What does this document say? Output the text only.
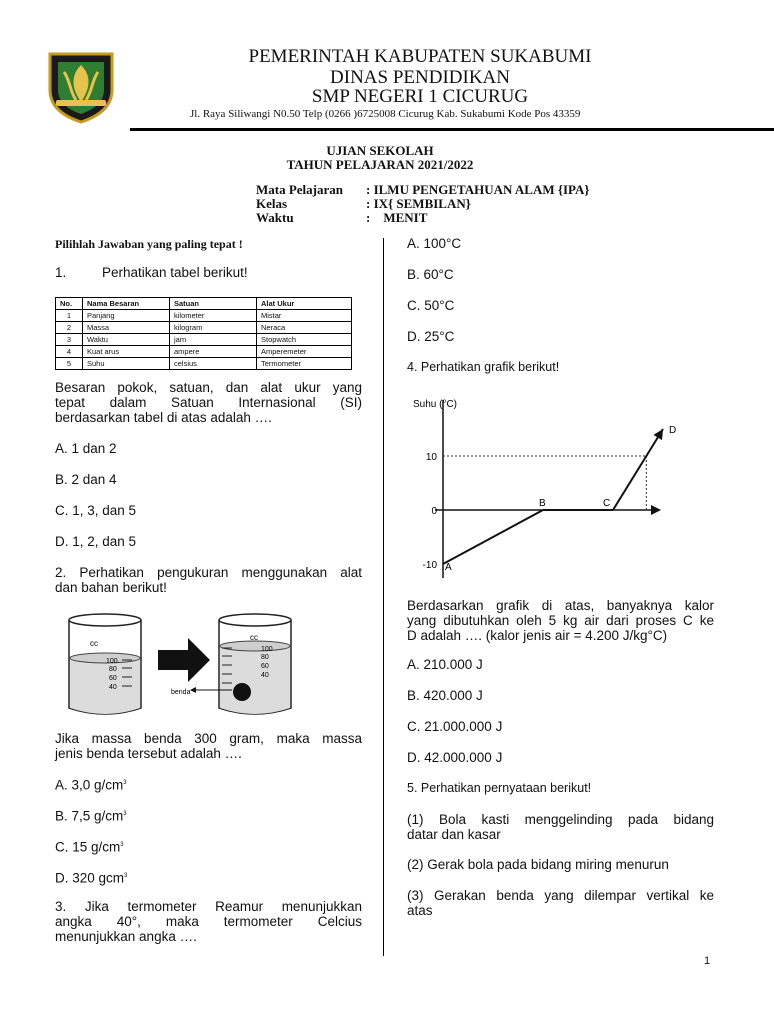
PEMERINTAH KABUPATEN SUKABUMI
DINAS PENDIDIKAN
SMP NEGERI 1 CICURUG
Jl. Raya Siliwangi N0.50 Telp (0266 )6725008 Cicurug Kab. Sukabumi Kode Pos 43359
UJIAN SEKOLAH
TAHUN PELAJARAN 2021/2022
Mata Pelajaran : ILMU PENGETAHUAN ALAM {IPA}
Kelas	: IX{ SEMBILAN}
Waktu	:    MENIT
Pilihlah Jawaban yang paling tepat !
1.	Perhatikan tabel berikut!
No.	Nama Besaran	Satuan	Alat Ukur
1	Panjang	kilometer	Mistar
2	Massa	kilogram	Neraca
3	Waktu	jam	Stopwatch
4	Kuat arus	ampere	Amperemeter
5	Suhu	celsius	Termometer
Besaran pokok, satuan, dan alat ukur yang
tepat dalam Satuan Internasional (SI)
berdasarkan tabel di atas adalah ….
A. 1 dan 2
B. 2 dan 4
C. 1, 3, dan 5
D. 1, 2, dan 5
2. Perhatikan pengukuran menggunakan alat
dan bahan berikut!
cc
100
80
60
40
cc
100
80
60
40
benda
Jika massa benda 300 gram, maka massa
jenis benda tersebut adalah ….
A. 3,0 $g/cm^3$
B. 7,5 $g/cm^3$
C. 15 $g/cm^3$
D. 320 gcm$^3$
3. Jika termometer Reamur menunjukkan
angka 40°, maka termometer Celcius
menunjukkan angka ….
A. 100°C
B. 60°C
C. 50°C
D. 25°C
4. Perhatikan grafik berikut!
Suhu (°C)
10
0
-10 A
B	C
D
Berdasarkan grafik di atas, banyaknya kalor
yang dibutuhkan oleh 5 kg air dari proses C ke
D adalah …. (kalor jenis air = 4.200 J/kg°C)
A. 210.000 J
B. 420.000 J
C. 21.000.000 J
D. 42.000.000 J
5. Perhatikan pernyataan berikut!
(1) Bola kasti menggelinding pada bidang
datar dan kasar
(2) Gerak bola pada bidang miring menurun
(3) Gerakan benda yang dilempar vertikal ke
atas
1
